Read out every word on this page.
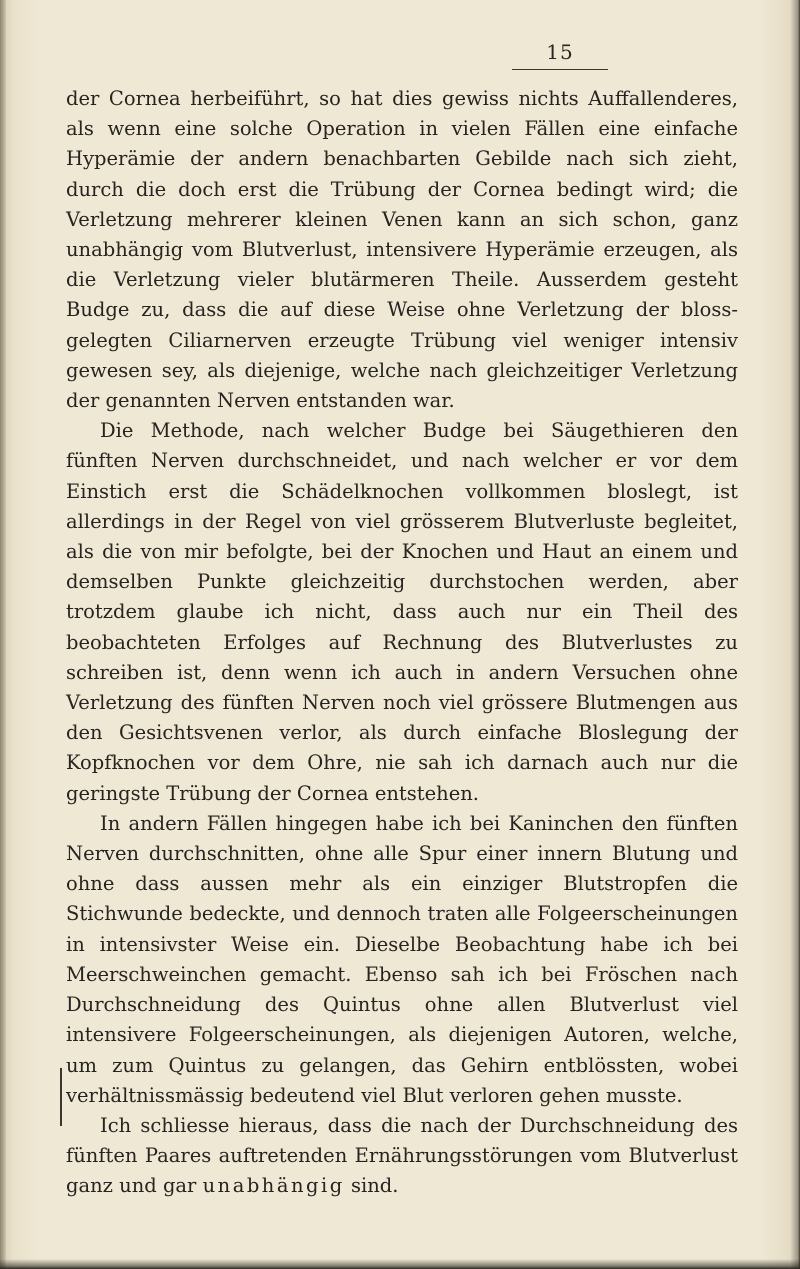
15

der Cornea herbeiführt, so hat dies gewiss nichts Auffallenderes, als wenn eine solche Operation in vielen Fällen eine einfache Hyperämie der andern benachbarten Gebilde nach sich zieht, durch die doch erst die Trübung der Cornea bedingt wird; die Verletzung mehrerer kleinen Venen kann an sich schon, ganz unabhängig vom Blutverlust, intensivere Hyperämie erzeugen, als die Verletzung vieler blutärmeren Theile. Ausserdem gesteht Budge zu, dass die auf diese Weise ohne Verletzung der bloss-gelegten Ciliarnerven erzeugte Trübung viel weniger intensiv gewesen sey, als diejenige, welche nach gleichzeitiger Verletzung der genannten Nerven entstanden war.

Die Methode, nach welcher Budge bei Säugethieren den fünften Nerven durchschneidet, und nach welcher er vor dem Einstich erst die Schädelknochen vollkommen bloslegt, ist allerdings in der Regel von viel grösserem Blutverluste begleitet, als die von mir befolgte, bei der Knochen und Haut an einem und demselben Punkte gleichzeitig durchstochen werden, aber trotzdem glaube ich nicht, dass auch nur ein Theil des beobachteten Erfolges auf Rechnung des Blutverlustes zu schreiben ist, denn wenn ich auch in andern Versuchen ohne Verletzung des fünften Nerven noch viel grössere Blutmengen aus den Gesichtsvenen verlor, als durch einfache Bloslegung der Kopfknochen vor dem Ohre, nie sah ich darnach auch nur die geringste Trübung der Cornea entstehen.

In andern Fällen hingegen habe ich bei Kaninchen den fünften Nerven durchschnitten, ohne alle Spur einer innern Blutung und ohne dass aussen mehr als ein einziger Blutstropfen die Stichwunde bedeckte, und dennoch traten alle Folgeerscheinungen in intensivster Weise ein. Dieselbe Beobachtung habe ich bei Meerschweinchen gemacht. Ebenso sah ich bei Fröschen nach Durchschneidung des Quintus ohne allen Blutverlust viel intensivere Folgeerscheinungen, als diejenigen Autoren, welche, um zum Quintus zu gelangen, das Gehirn entblössten, wobei verhältnissmässig bedeutend viel Blut verloren gehen musste.

Ich schliesse hieraus, dass die nach der Durchschneidung des fünften Paares auftretenden Ernährungsstörungen vom Blutverlust ganz und gar unabhängig sind.
